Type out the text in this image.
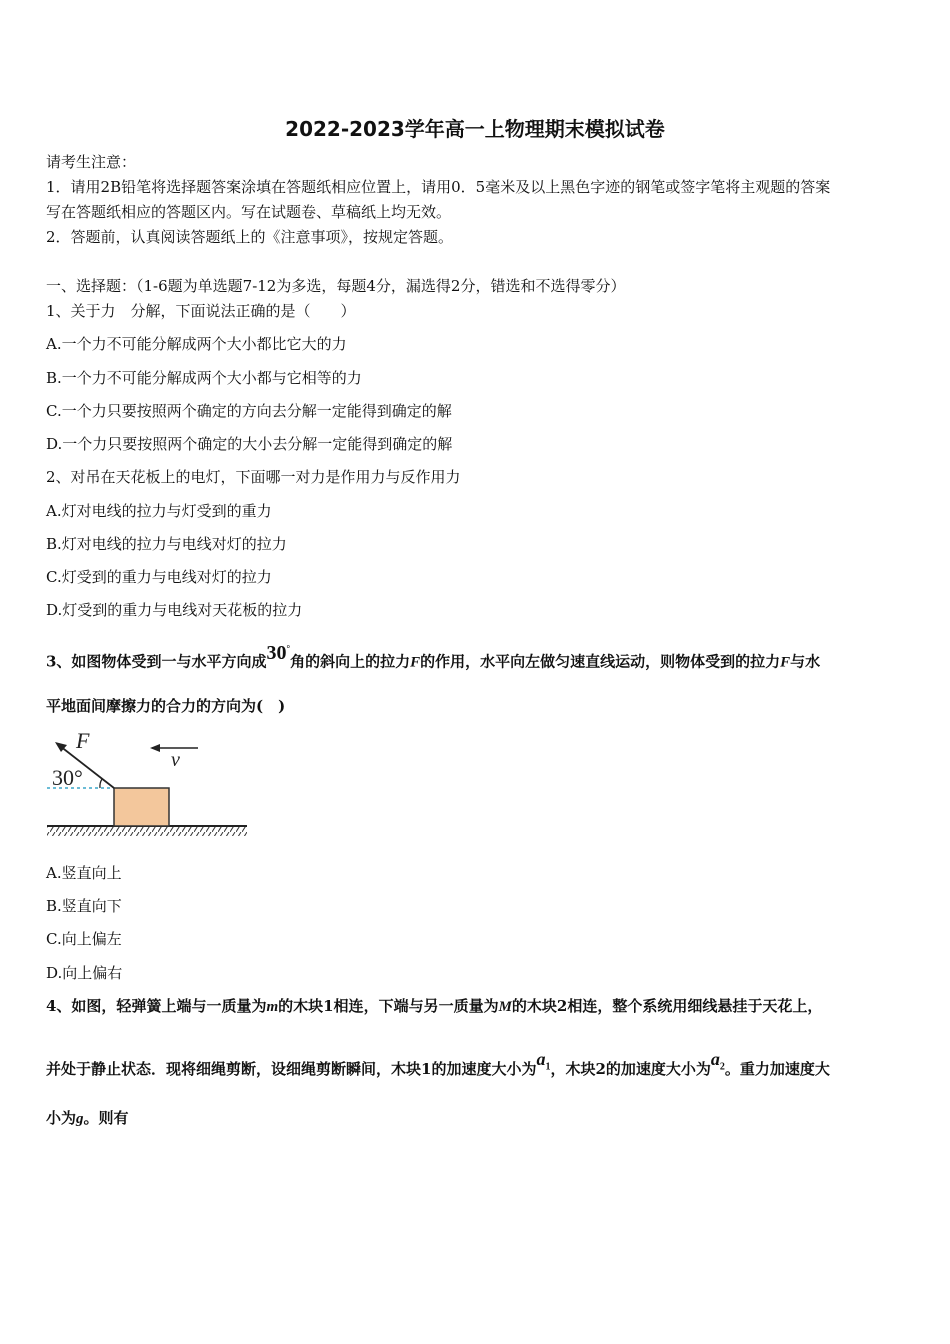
2022-2023学年高一上物理期末模拟试卷
请考生注意：
1．请用2B铅笔将选择题答案涂填在答题纸相应位置上，请用0．5毫米及以上黑色字迹的钢笔或签字笔将主观题的答案
写在答题纸相应的答题区内。写在试题卷、草稿纸上均无效。
2．答题前，认真阅读答题纸上的《注意事项》，按规定答题。
一、选择题：（1-6题为单选题7-12为多选，每题4分，漏选得2分，错选和不选得零分）
1、关于力　分解，下面说法正确的是（　　）
A.一个力不可能分解成两个大小都比它大的力
B.一个力不可能分解成两个大小都与它相等的力
C.一个力只要按照两个确定的方向去分解一定能得到确定的解
D.一个力只要按照两个确定的大小去分解一定能得到确定的解
2、对吊在天花板上的电灯，下面哪一对力是作用力与反作用力
A.灯对电线的拉力与灯受到的重力
B.灯对电线的拉力与电线对灯的拉力
C.灯受到的重力与电线对灯的拉力
D.灯受到的重力与电线对天花板的拉力
3、如图物体受到一与水平方向成30°角的斜向上的拉力F的作用，水平向左做匀速直线运动，则物体受到的拉力F与水
平地面间摩擦力的合力的方向为(　)
F
30°
v
A.竖直向上
B.竖直向下
C.向上偏左
D.向上偏右
4、如图，轻弹簧上端与一质量为m的木块1相连，下端与另一质量为M的木块2相连，整个系统用细线悬挂于天花上，
并处于静止状态．现将细绳剪断，设细绳剪断瞬间，木块1的加速度大小为$a_1$，木块2的加速度大小为$a_2$。重力加速度大
小为g。则有
